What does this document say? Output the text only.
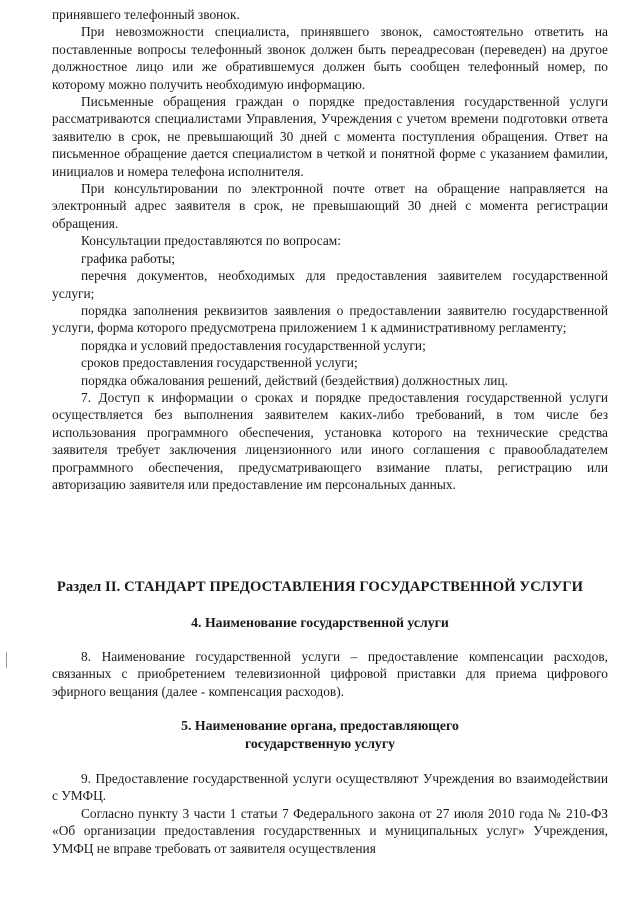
принявшего телефонный звонок.

При невозможности специалиста, принявшего звонок, самостоятельно ответить на поставленные вопросы телефонный звонок должен быть переадресован (переведен) на другое должностное лицо или же обратившемуся должен быть сообщен телефонный номер, по которому можно получить необходимую информацию.

Письменные обращения граждан о порядке предоставления государственной услуги рассматриваются специалистами Управления, Учреждения с учетом времени подготовки ответа заявителю в срок, не превышающий 30 дней с момента поступления обращения. Ответ на письменное обращение дается специалистом в четкой и понятной форме с указанием фамилии, инициалов и номера телефона исполнителя.

При консультировании по электронной почте ответ на обращение направляется на электронный адрес заявителя в срок, не превышающий 30 дней с момента регистрации обращения.

Консультации предоставляются по вопросам:

графика работы;

перечня документов, необходимых для предоставления заявителем государственной услуги;

порядка заполнения реквизитов заявления о предоставлении заявителю государственной услуги, форма которого предусмотрена приложением 1 к административному регламенту;

порядка и условий предоставления государственной услуги;

сроков предоставления государственной услуги;

порядка обжалования решений, действий (бездействия) должностных лиц.

7. Доступ к информации о сроках и порядке предоставления государственной услуги осуществляется без выполнения заявителем каких-либо требований, в том числе без использования программного обеспечения, установка которого на технические средства заявителя требует заключения лицензионного или иного соглашения с правообладателем программного обеспечения, предусматривающего взимание платы, регистрацию или авторизацию заявителя или предоставление им персональных данных.

Раздел II. СТАНДАРТ ПРЕДОСТАВЛЕНИЯ ГОСУДАРСТВЕННОЙ УСЛУГИ
4. Наименование государственной услуги

8. Наименование государственной услуги – предоставление компенсации расходов, связанных с приобретением телевизионной цифровой приставки для приема цифрового эфирного вещания (далее - компенсация расходов).

5. Наименование органа, предоставляющего
государственную услугу

9. Предоставление государственной услуги осуществляют Учреждения во взаимодействии с УМФЦ.

Согласно пункту 3 части 1 статьи 7 Федерального закона от 27 июля 2010 года № 210-ФЗ «Об организации предоставления государственных и муниципальных услуг» Учреждения, УМФЦ не вправе требовать от заявителя осуществления
